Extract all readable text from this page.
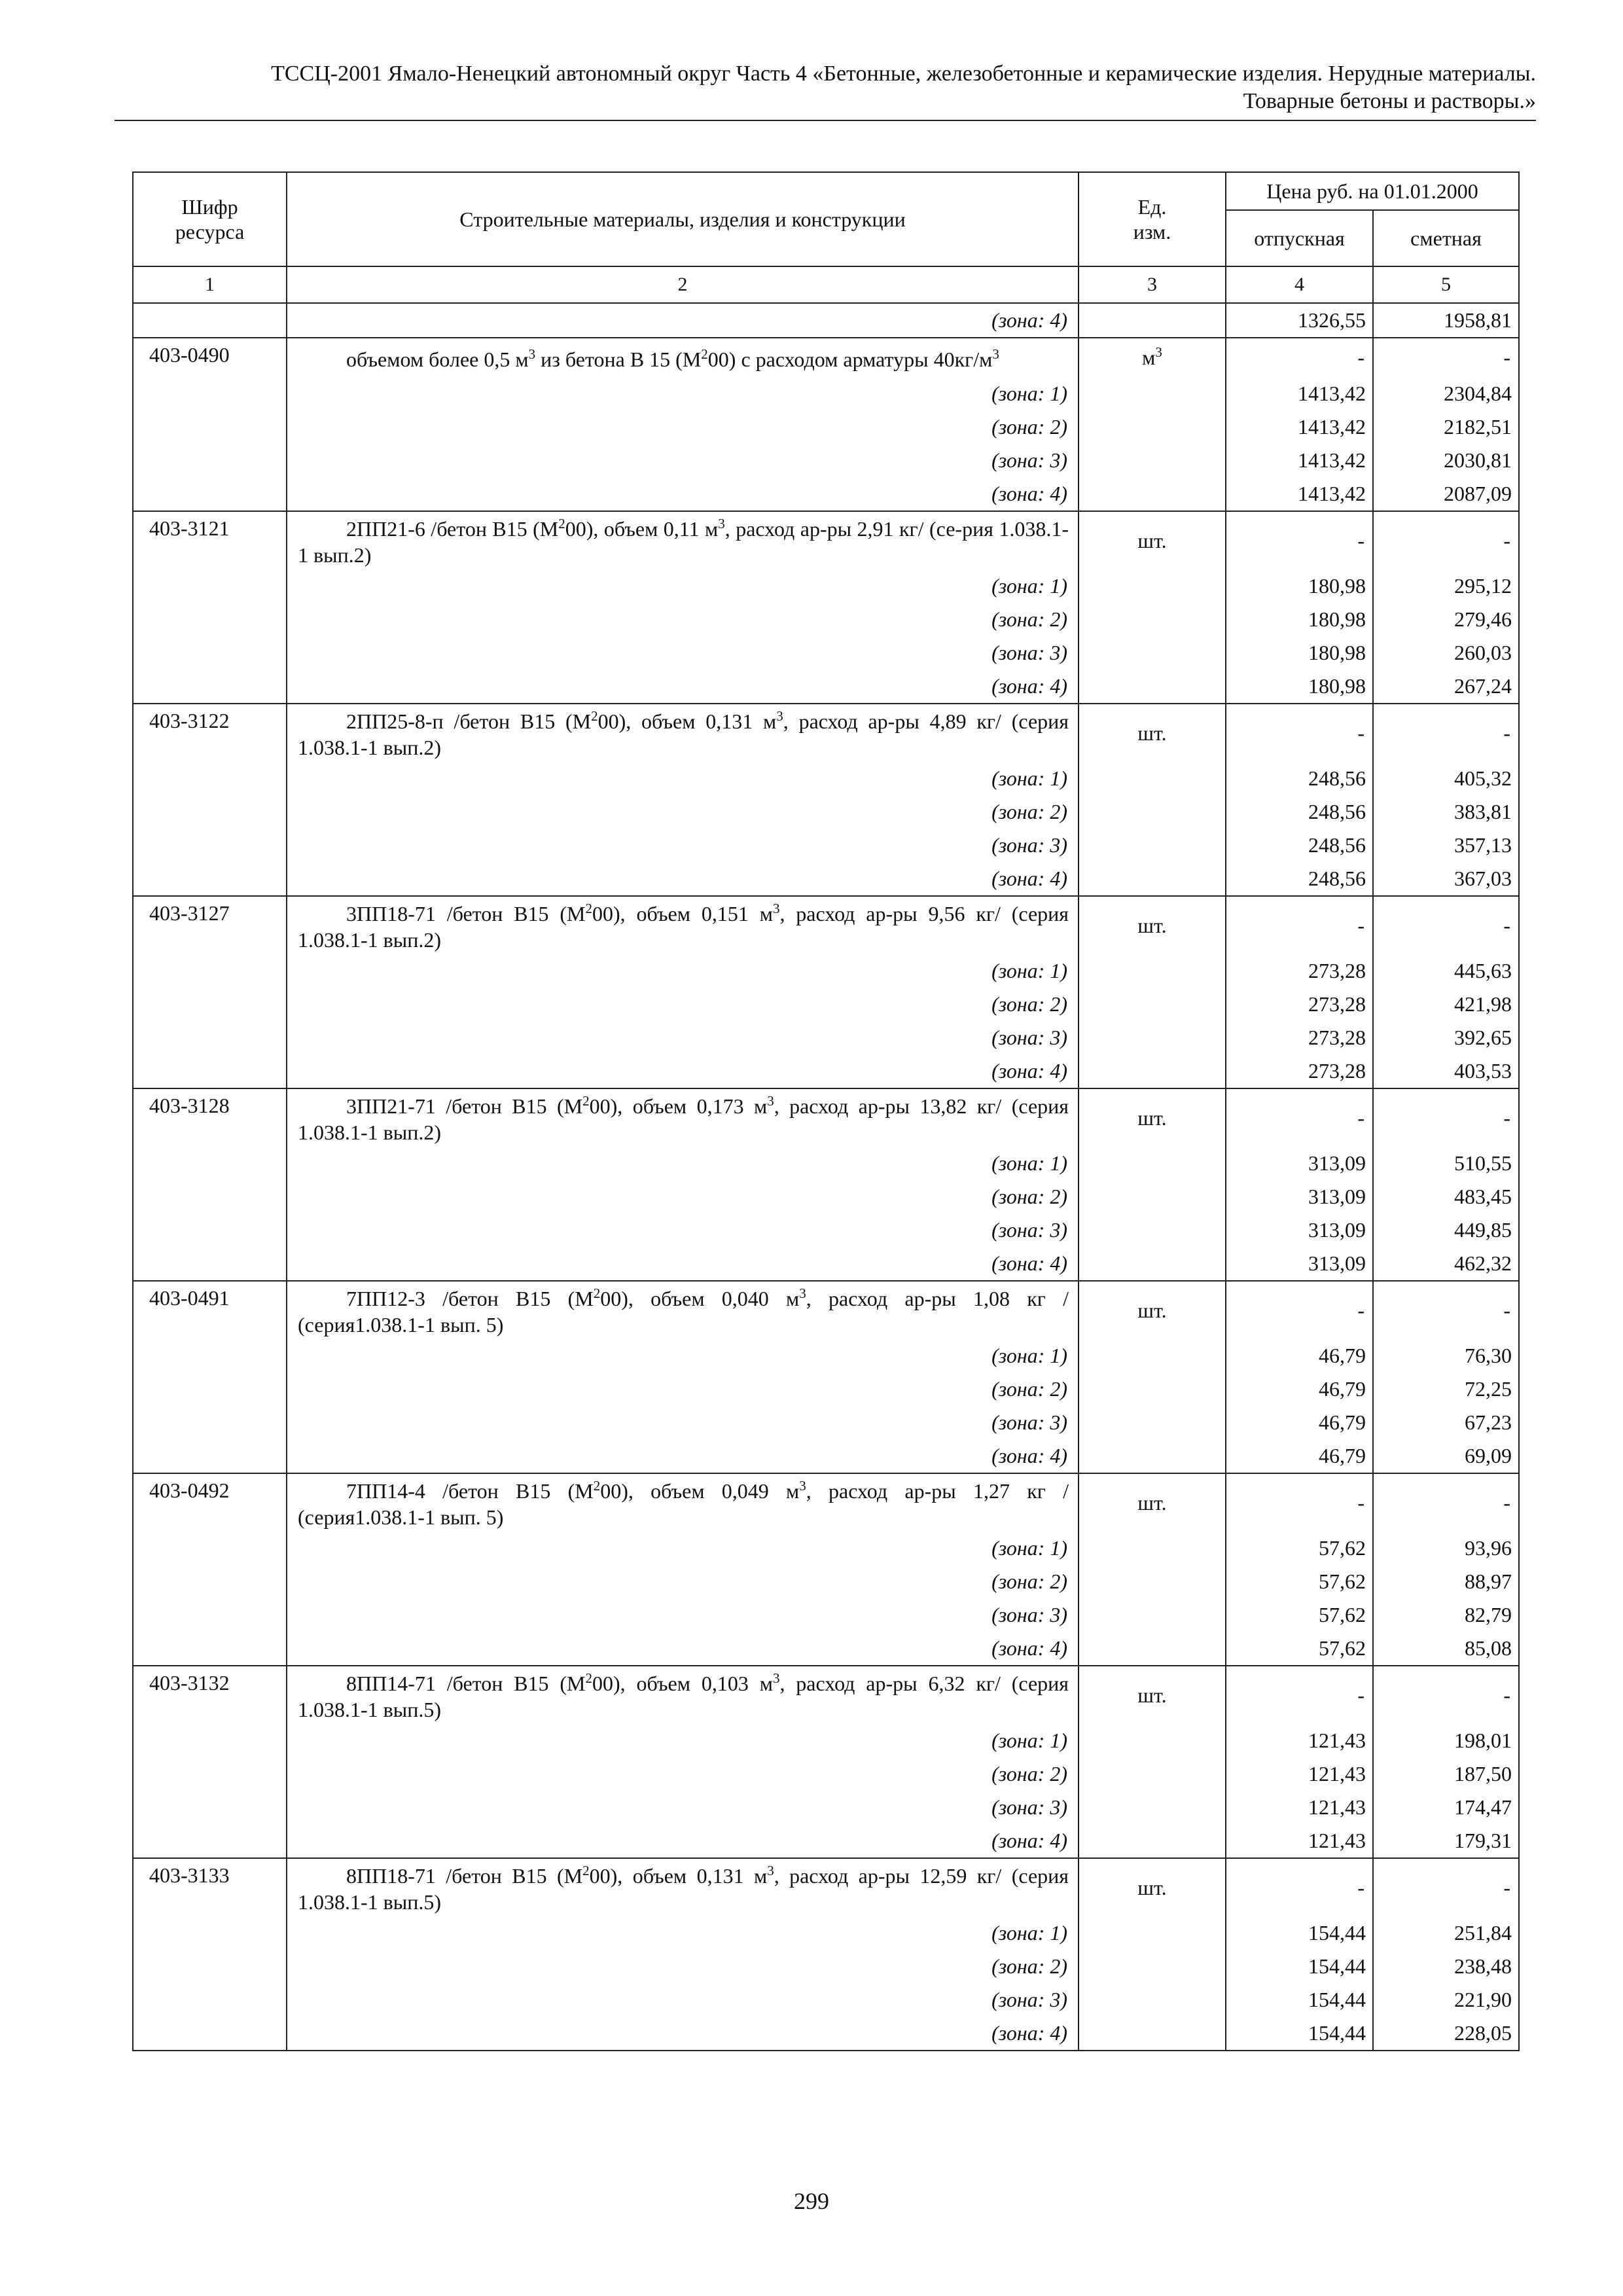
ТССЦ-2001 Ямало-Ненецкий автономный округ Часть 4 «Бетонные, железобетонные и керамические изделия. Нерудные материалы.
Товарные бетоны и растворы.»
Шифр ресурса	Строительные материалы, изделия и конструкции	Ед. изм.	Цена руб. на 01.01.2000	
			отпускная	сметная
1	2	3	4	5
	(зона: 4)		1326,55	1958,81
403-0490	объемом более 0,5 $м^3$ из бетона В 15 $(М^200)$ с расходом арматуры $40кг/м^3$	$м^3$	-	-
	(зона: 1)		1413,42	2304,84
	(зона: 2)		1413,42	2182,51
	(зона: 3)		1413,42	2030,81
	(зона: 4)		1413,42	2087,09
403-3121	2ПП21-6 /бетон В15 $(М^200)$, объем 0,11 $м^3$, расход ар-ры 2,91 кг/ (се-рия 1.038.1-1 вып.2)	шт.	-	-
	(зона: 1)		180,98	295,12
	(зона: 2)		180,98	279,46
	(зона: 3)		180,98	260,03
	(зона: 4)		180,98	267,24
403-3122	2ПП25-8-п /бетон В15 $(М^200)$, объем 0,131 $м^3$, расход ар-ры 4,89 кг/ (серия 1.038.1-1 вып.2)	шт.	-	-
	(зона: 1)		248,56	405,32
	(зона: 2)		248,56	383,81
	(зона: 3)		248,56	357,13
	(зона: 4)		248,56	367,03
403-3127	3ПП18-71 /бетон В15 $(М^200)$, объем 0,151 $м^3$, расход ар-ры 9,56 кг/ (серия 1.038.1-1 вып.2)	шт.	-	-
	(зона: 1)		273,28	445,63
	(зона: 2)		273,28	421,98
	(зона: 3)		273,28	392,65
	(зона: 4)		273,28	403,53
403-3128	3ПП21-71 /бетон В15 $(М^200)$, объем 0,173 $м^3$, расход ар-ры 13,82 кг/ (серия 1.038.1-1 вып.2)	шт.	-	-
	(зона: 1)		313,09	510,55
	(зона: 2)		313,09	483,45
	(зона: 3)		313,09	449,85
	(зона: 4)		313,09	462,32
403-0491	7ПП12-3 /бетон В15 $(М^200)$, объем 0,040 $м^3$, расход ар-ры 1,08 кг / (серия1.038.1-1 вып. 5)	шт.	-	-
	(зона: 1)		46,79	76,30
	(зона: 2)		46,79	72,25
	(зона: 3)		46,79	67,23
	(зона: 4)		46,79	69,09
403-0492	7ПП14-4 /бетон В15 $(М^200)$, объем 0,049 $м^3$, расход ар-ры 1,27 кг / (серия1.038.1-1 вып. 5)	шт.	-	-
	(зона: 1)		57,62	93,96
	(зона: 2)		57,62	88,97
	(зона: 3)		57,62	82,79
	(зона: 4)		57,62	85,08
403-3132	8ПП14-71 /бетон В15 $(М^200)$, объем 0,103 $м^3$, расход ар-ры 6,32 кг/ (серия 1.038.1-1 вып.5)	шт.	-	-
	(зона: 1)		121,43	198,01
	(зона: 2)		121,43	187,50
	(зона: 3)		121,43	174,47
	(зона: 4)		121,43	179,31
403-3133	8ПП18-71 /бетон В15 $(М^200)$, объем 0,131 $м^3$, расход ар-ры 12,59 кг/ (серия 1.038.1-1 вып.5)	шт.	-	-
	(зона: 1)		154,44	251,84
	(зона: 2)		154,44	238,48
	(зона: 3)		154,44	221,90
	(зона: 4)		154,44	228,05
299
